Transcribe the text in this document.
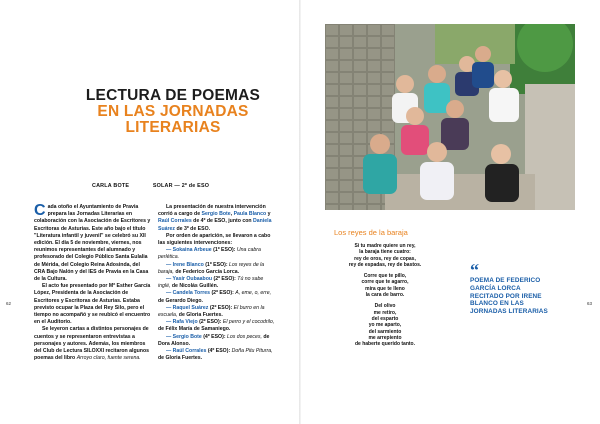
LECTURA DE POEMAS
EN LAS JORNADAS LITERARIAS
CARLA BOTE	SOLAR — 2º de ESO
C ada otoño el Ayuntamiento de Pravia prepara las Jornadas Literarias en colaboración con la Asociación de Escritores y Escritoras de Asturias. Este año bajo el título "Literatura infantil y juvenil" se celebró su XII edición. El día 5 de noviembre, viernes, nos reunimos representantes del alumnado y profesorado del Colegio Público Santa Eulalia de Mérida, del Colegio Reina Adosinda, del CRA Bajo Nalón y del IES de Pravia en la Casa de la Cultura.
El acto fue presentado por Mª Esther García López, Presidenta de la Asociación de Escritores y Escritoras de Asturias. Estaba previsto ocupar la Plaza del Rey Silo, pero el tiempo no acompañó y se reubicó el encuentro en el Auditorio.
Se leyeron cartas a distintos personajes de cuentos y se representaron entrevistas a personajes y autores. Además, los miembros del Club de Lectura SILOXXI recitaron algunos poemas del libro Arroyo claro, fuente serena.
La presentación de nuestra intervención corrió a cargo de Sergio Bote, Paula Blanco y Raúl Corrales de 4º de ESO, junto con Daniela Suárez de 3º de ESO.
Por orden de aparición, se llevaron a cabo las siguientes intervenciones:
— Sokaina Arbeue (1º ESO): Una cabra perlética.
— Irene Blanco (1º ESO): Los reyes de la baraja, de Federico García Lorca.
— Yasír Oubaabou (2º ESO): Tú no sabe inglé, de Nicolás Guillén.
— Candela Torres (2º ESO): A, eme, o, erre, de Gerardo Diego.
— Raquel Suárez (2º ESO): El burro en la escuela, de Gloria Fuertes.
— Rafa Viejo (2º ESO): El perro y el cocodrilo, de Félix María de Samaniego.
— Sergio Bote (4º ESO): Los dos peces, de Dora Alonso.
— Raúl Corrales (4º ESO): Doña Pitu Piturra, de Gloria Fuertes.
62	63
Los reyes de la baraja
Si tu madre quiere un rey,
la baraja tiene cuatro:
rey de oros, rey de copas,
rey de espadas, rey de bastos.
Corre que te pillo,
corre que te agarro,
mira que te lleno
la cara de barro.
Del olivo
me retiro,
del esparto
yo me aparto,
del sarmiento
me arrepiento
de haberte querido tanto.
“
POEMA DE FEDERICO GARCÍA LORCA RECITADO POR IRENE BLANCO EN LAS JORNADAS LITERARIAS
